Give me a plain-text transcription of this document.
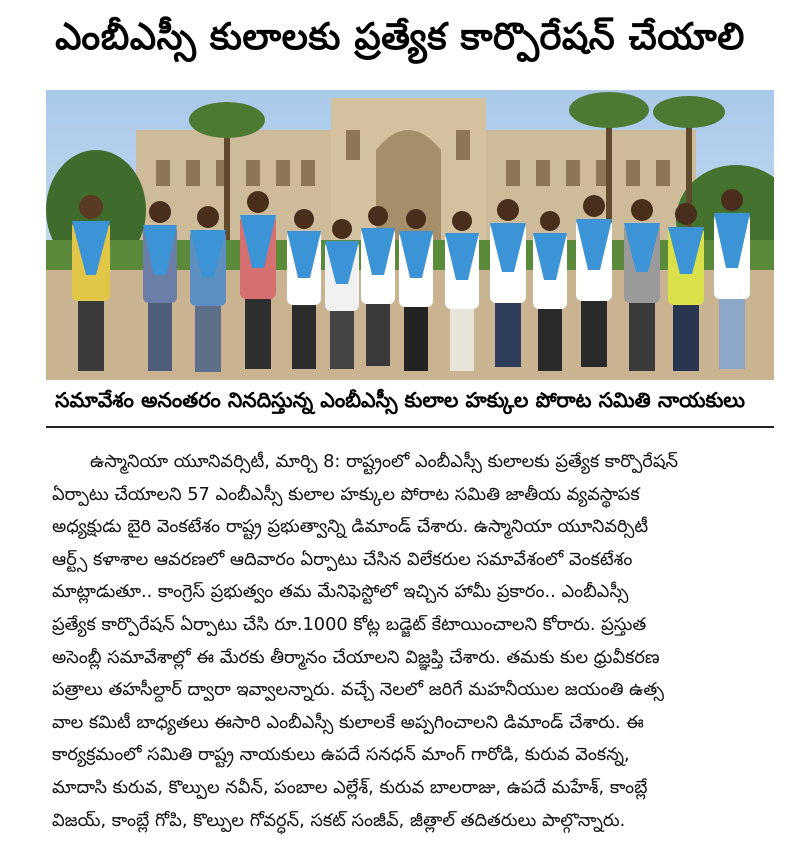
ఎంబీఎస్సీ కులాలకు ప్రత్యేక కార్పొరేషన్ చేయాలి
సమావేశం అనంతరం నినదిస్తున్న ఎంబీఎస్సీ కులాల హక్కుల పోరాట సమితి నాయకులు
ఉస్మానియా యూనివర్సిటీ, మార్చి 8: రాష్ట్రంలో ఎంబీఎస్సీ కులాలకు ప్రత్యేక కార్పొరేషన్
ఏర్పాటు చేయాలని 57 ఎంబీఎస్సీ కులాల హక్కుల పోరాట సమితి జాతీయ వ్యవస్థాపక
అధ్యక్షుడు బైరి వెంకటేశం రాష్ట్ర ప్రభుత్వాన్ని డిమాండ్ చేశారు. ఉస్మానియా యూనివర్సిటీ
ఆర్ట్స్ కళాశాల ఆవరణలో ఆదివారం ఏర్పాటు చేసిన విలేకరుల సమావేశంలో వెంకటేశం
మాట్లాడుతూ.. కాంగ్రెస్ ప్రభుత్వం తమ మేనిఫెస్టోలో ఇచ్చిన హామీ ప్రకారం.. ఎంబీఎస్సీ
ప్రత్యేక కార్పొరేషన్ ఏర్పాటు చేసి రూ.1000 కోట్ల బడ్జెట్ కేటాయించాలని కోరారు. ప్రస్తుత
అసెంబ్లీ సమావేశాల్లో ఈ మేరకు తీర్మానం చేయాలని విజ్ఞప్తి చేశారు. తమకు కుల ధ్రువీకరణ
పత్రాలు తహసీల్దార్ ద్వారా ఇవ్వాలన్నారు. వచ్చే నెలలో జరిగే మహనీయుల జయంతి ఉత్స
వాల కమిటీ బాధ్యతలు ఈసారి ఎంబీఎస్సీ కులాలకే అప్పగించాలని డిమాండ్ చేశారు. ఈ
కార్యక్రమంలో సమితి రాష్ట్ర నాయకులు ఉపదే సనధన్ మాంగ్ గారోడి, కురువ వెంకన్న,
మాదాసి కురువ, కొల్పుల నవీన్, పంబాల ఎల్లేశ్, కురువ బాలరాజు, ఉపదే మహేశ్, కాంబ్లే
విజయ్, కాంబ్లే గోపి, కొల్పుల గోవర్ధన్, సకట్ సంజీవ్, జీత్లాల్ తదితరులు పాల్గొన్నారు.
